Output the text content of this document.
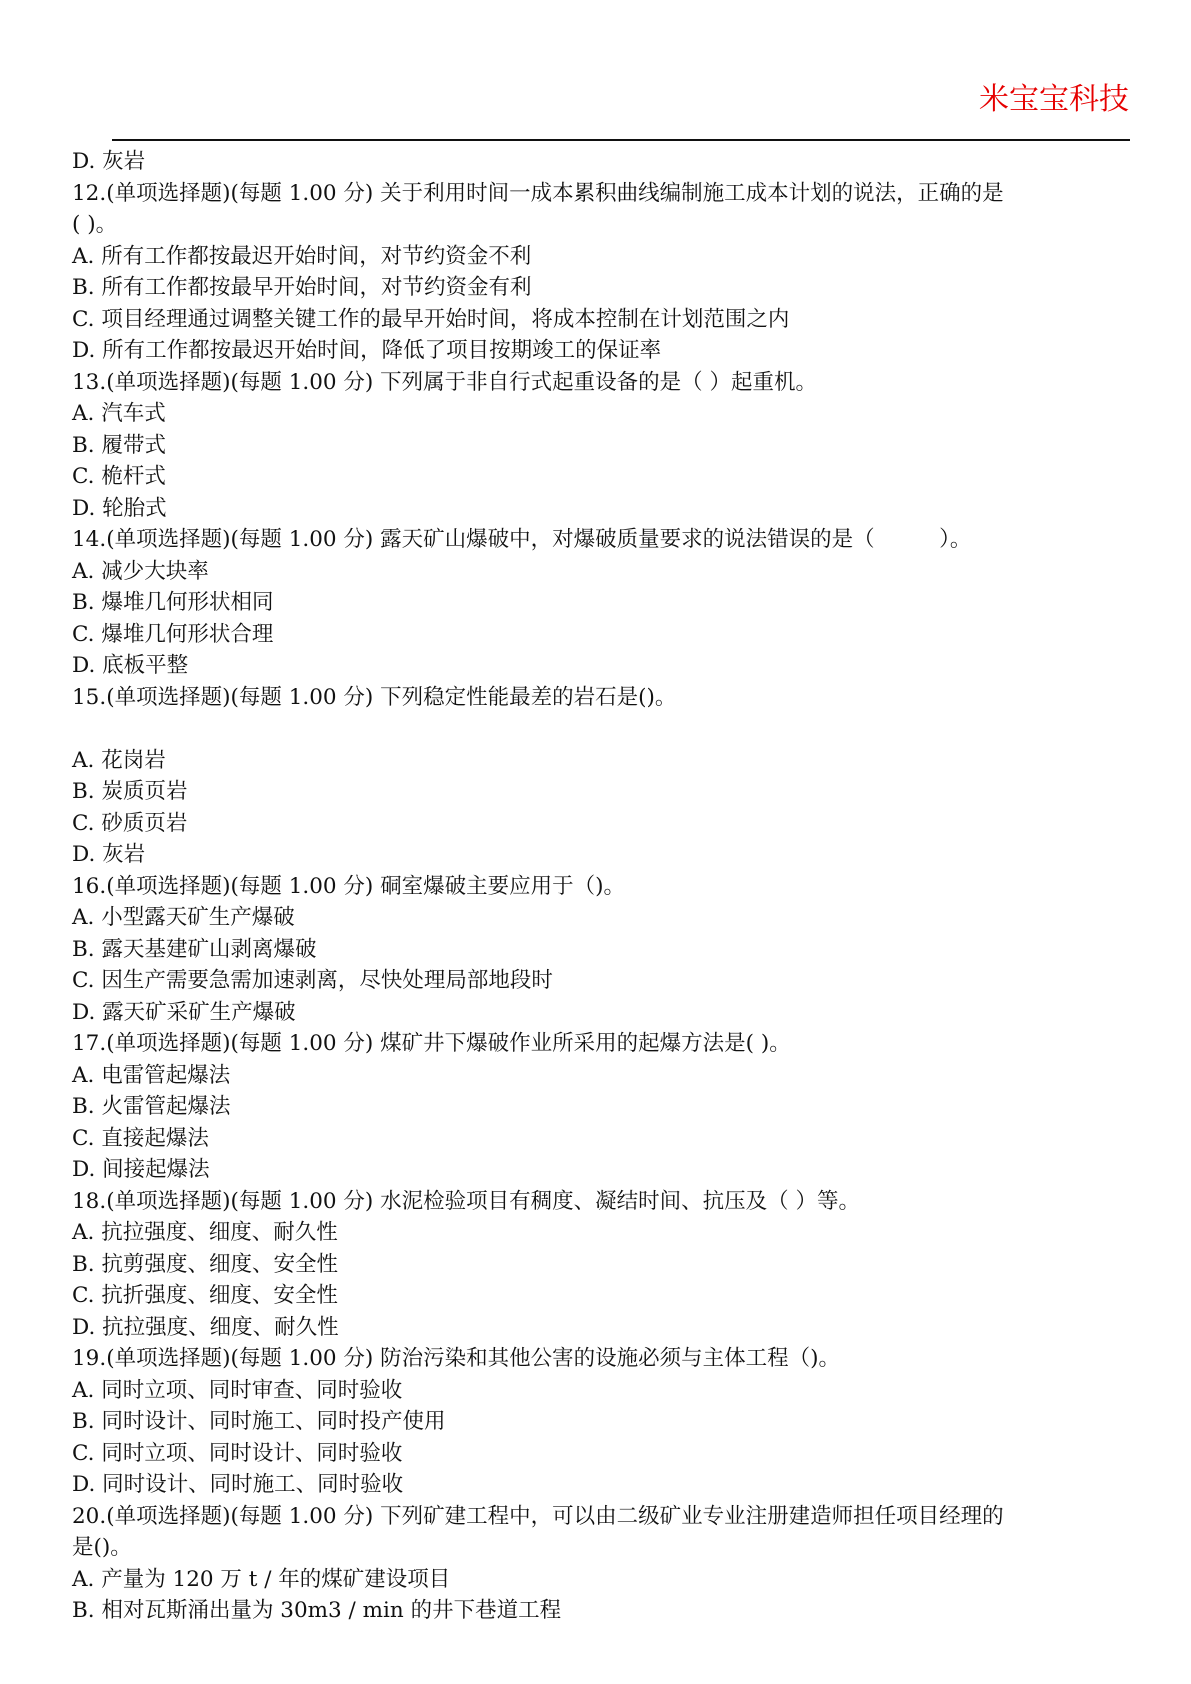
米宝宝科技
D. 灰岩
12.(单项选择题)(每题 1.00 分) 关于利用时间一成本累积曲线编制施工成本计划的说法，正确的是
( )。
A. 所有工作都按最迟开始时间，对节约资金不利
B. 所有工作都按最早开始时间，对节约资金有利
C. 项目经理通过调整关键工作的最早开始时间，将成本控制在计划范围之内
D. 所有工作都按最迟开始时间，降低了项目按期竣工的保证率
13.(单项选择题)(每题 1.00 分) 下列属于非自行式起重设备的是（ ）起重机。
A. 汽车式
B. 履带式
C. 桅杆式
D. 轮胎式
14.(单项选择题)(每题 1.00 分) 露天矿山爆破中，对爆破质量要求的说法错误的是（　　　）。
A. 减少大块率
B. 爆堆几何形状相同
C. 爆堆几何形状合理
D. 底板平整
15.(单项选择题)(每题 1.00 分) 下列稳定性能最差的岩石是()。
A. 花岗岩
B. 炭质页岩
C. 砂质页岩
D. 灰岩
16.(单项选择题)(每题 1.00 分) 硐室爆破主要应用于（)。
A. 小型露天矿生产爆破
B. 露天基建矿山剥离爆破
C. 因生产需要急需加速剥离，尽快处理局部地段时
D. 露天矿采矿生产爆破
17.(单项选择题)(每题 1.00 分) 煤矿井下爆破作业所采用的起爆方法是( )。
A. 电雷管起爆法
B. 火雷管起爆法
C. 直接起爆法
D. 间接起爆法
18.(单项选择题)(每题 1.00 分) 水泥检验项目有稠度、凝结时间、抗压及（ ）等。
A. 抗拉强度、细度、耐久性
B. 抗剪强度、细度、安全性
C. 抗折强度、细度、安全性
D. 抗拉强度、细度、耐久性
19.(单项选择题)(每题 1.00 分) 防治污染和其他公害的设施必须与主体工程（)。
A. 同时立项、同时审查、同时验收
B. 同时设计、同时施工、同时投产使用
C. 同时立项、同时设计、同时验收
D. 同时设计、同时施工、同时验收
20.(单项选择题)(每题 1.00 分) 下列矿建工程中，可以由二级矿业专业注册建造师担任项目经理的
是()。
A. 产量为 120 万 t / 年的煤矿建设项目
B. 相对瓦斯涌出量为 30m3 / min 的井下巷道工程
